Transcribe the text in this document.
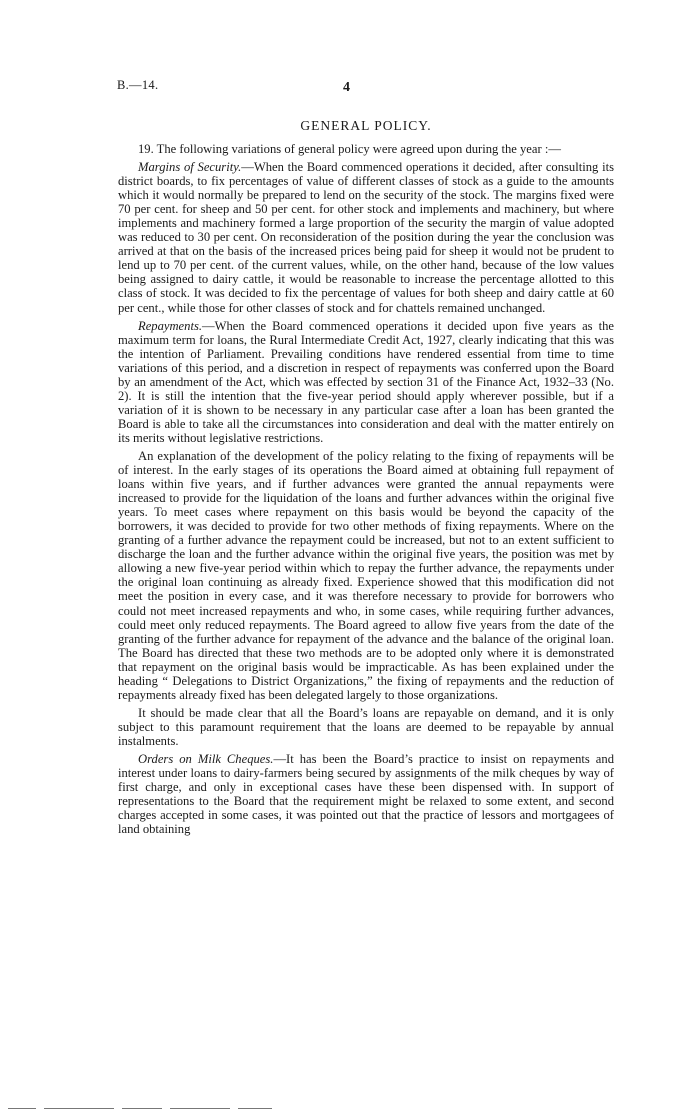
B.—14.	4
GENERAL POLICY.

19. The following variations of general policy were agreed upon during the year :—

Margins of Security.—When the Board commenced operations it decided, after consulting its district boards, to fix percentages of value of different classes of stock as a guide to the amounts which it would normally be prepared to lend on the security of the stock. The margins fixed were 70 per cent. for sheep and 50 per cent. for other stock and implements and machinery, but where implements and machinery formed a large proportion of the security the margin of value adopted was reduced to 30 per cent. On reconsideration of the position during the year the conclusion was arrived at that on the basis of the increased prices being paid for sheep it would not be prudent to lend up to 70 per cent. of the current values, while, on the other hand, because of the low values being assigned to dairy cattle, it would be reasonable to increase the percentage allotted to this class of stock. It was decided to fix the percentage of values for both sheep and dairy cattle at 60 per cent., while those for other classes of stock and for chattels remained unchanged.

Repayments.—When the Board commenced operations it decided upon five years as the maximum term for loans, the Rural Intermediate Credit Act, 1927, clearly indicating that this was the intention of Parliament. Prevailing conditions have rendered essential from time to time variations of this period, and a discretion in respect of repayments was conferred upon the Board by an amendment of the Act, which was effected by section 31 of the Finance Act, 1932–33 (No. 2). It is still the intention that the five-year period should apply wherever possible, but if a variation of it is shown to be necessary in any particular case after a loan has been granted the Board is able to take all the circumstances into consideration and deal with the matter entirely on its merits without legislative restrictions.

An explanation of the development of the policy relating to the fixing of repayments will be of interest. In the early stages of its operations the Board aimed at obtaining full repayment of loans within five years, and if further advances were granted the annual repayments were increased to provide for the liquidation of the loans and further advances within the original five years. To meet cases where repayment on this basis would be beyond the capacity of the borrowers, it was decided to provide for two other methods of fixing repayments. Where on the granting of a further advance the repayment could be increased, but not to an extent sufficient to discharge the loan and the further advance within the original five years, the position was met by allowing a new five-year period within which to repay the further advance, the repayments under the original loan continuing as already fixed. Experience showed that this modification did not meet the position in every case, and it was therefore necessary to provide for borrowers who could not meet increased repayments and who, in some cases, while requiring further advances, could meet only reduced repayments. The Board agreed to allow five years from the date of the granting of the further advance for repayment of the advance and the balance of the original loan. The Board has directed that these two methods are to be adopted only where it is demonstrated that repayment on the original basis would be impracticable. As has been explained under the heading “ Delegations to District Organizations,” the fixing of repayments and the reduction of repayments already fixed has been delegated largely to those organizations.

It should be made clear that all the Board’s loans are repayable on demand, and it is only subject to this paramount requirement that the loans are deemed to be repayable by annual instalments.

Orders on Milk Cheques.—It has been the Board’s practice to insist on repayments and interest under loans to dairy-farmers being secured by assignments of the milk cheques by way of first charge, and only in exceptional cases have these been dispensed with. In support of representations to the Board that the requirement might be relaxed to some extent, and second charges accepted in some cases, it was pointed out that the practice of lessors and mortgagees of land obtaining
